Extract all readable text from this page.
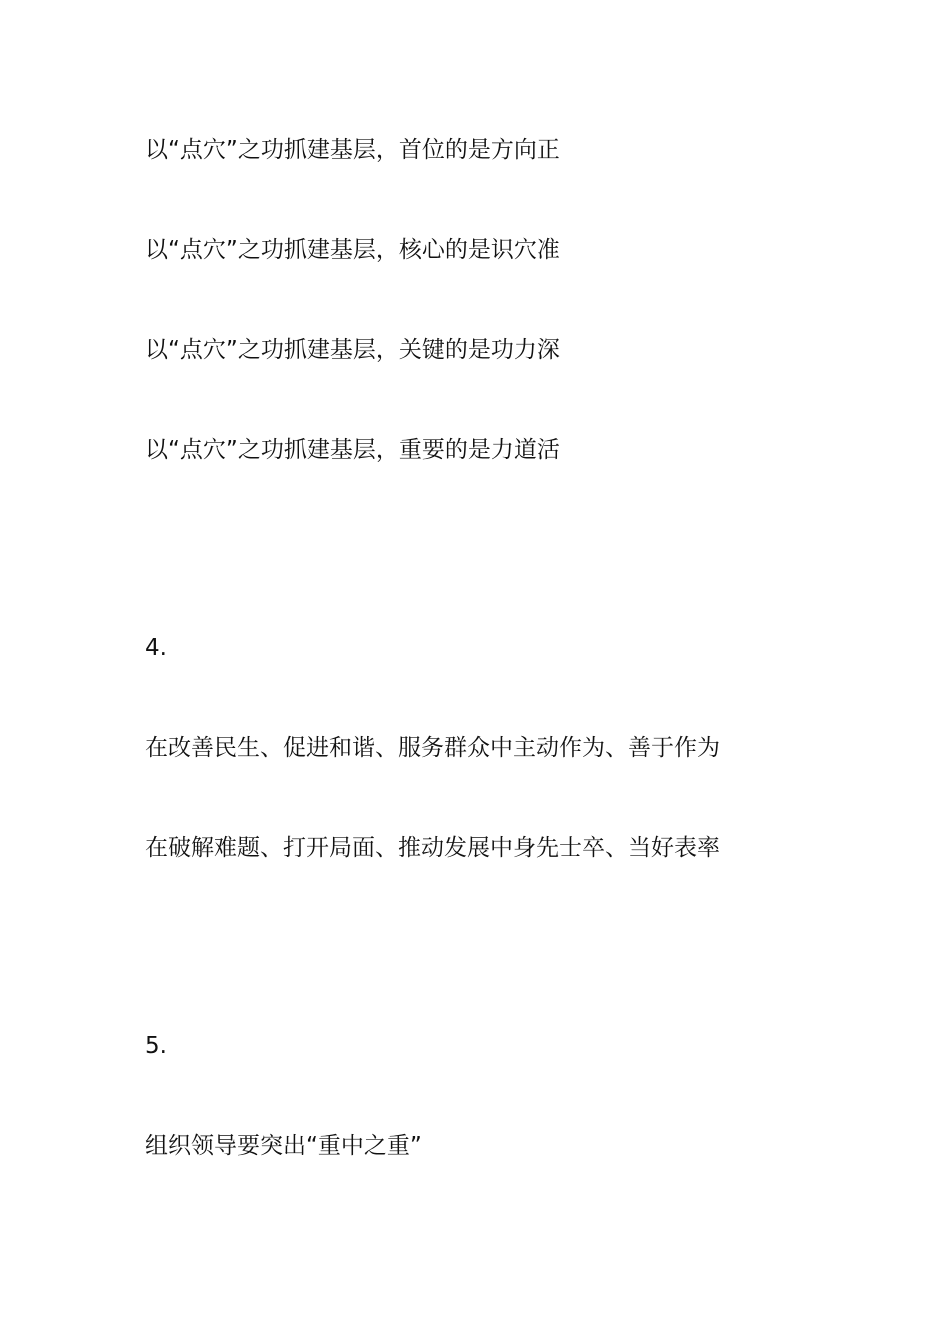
以“点穴”之功抓建基层，首位的是方向正
以“点穴”之功抓建基层，核心的是识穴准
以“点穴”之功抓建基层，关键的是功力深
以“点穴”之功抓建基层，重要的是力道活
4.
在改善民生、促进和谐、服务群众中主动作为、善于作为
在破解难题、打开局面、推动发展中身先士卒、当好表率
5.
组织领导要突出“重中之重”
